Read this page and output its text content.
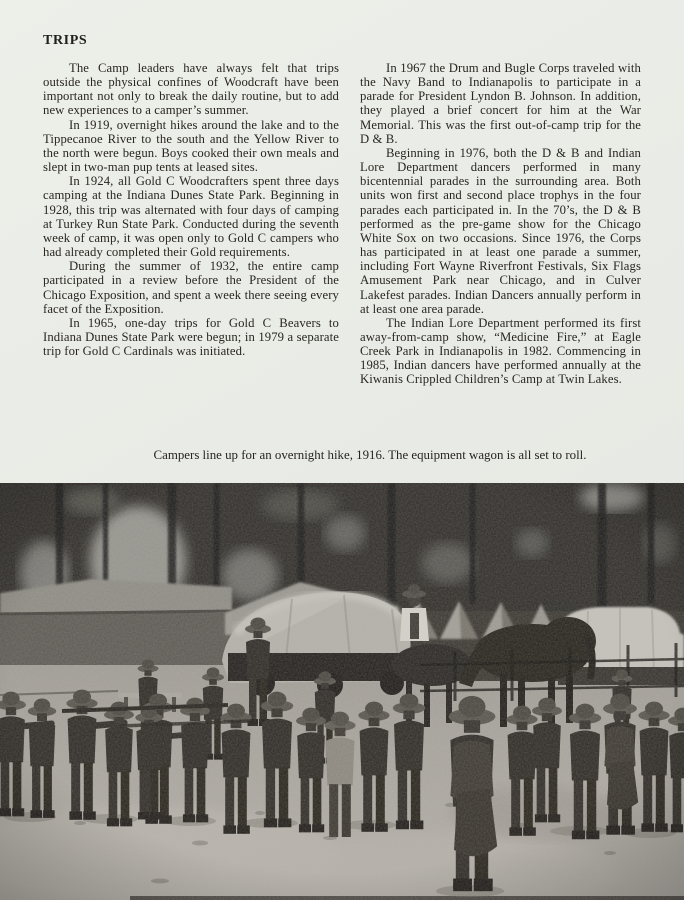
TRIPS

The Camp leaders have always felt that trips outside the physical confines of Woodcraft have been important not only to break the daily routine, but to add new experiences to a camper’s summer.

In 1919, overnight hikes around the lake and to the Tippecanoe River to the south and the Yellow River to the north were begun. Boys cooked their own meals and slept in two-man pup tents at leased sites.

In 1924, all Gold C Woodcrafters spent three days camping at the Indiana Dunes State Park. Beginning in 1928, this trip was alternated with four days of camping at Turkey Run State Park. Conducted during the seventh week of camp, it was open only to Gold C campers who had already completed their Gold requirements.

During the summer of 1932, the entire camp participated in a review before the President of the Chicago Exposition, and spent a week there seeing every facet of the Exposition.

In 1965, one-day trips for Gold C Beavers to Indiana Dunes State Park were begun; in 1979 a separate trip for Gold C Cardinals was initiated.

In 1967 the Drum and Bugle Corps traveled with the Navy Band to Indianapolis to participate in a parade for President Lyndon B. Johnson. In addition, they played a brief concert for him at the War Memorial. This was the first out-of-camp trip for the D & B.

Beginning in 1976, both the D & B and Indian Lore Department dancers performed in many bicentennial parades in the surrounding area. Both units won first and second place trophys in the four parades each participated in. In the 70’s, the D & B performed as the pre-game show for the Chicago White Sox on two occasions. Since 1976, the Corps has participated in at least one parade a summer, including Fort Wayne Riverfront Festivals, Six Flags Amusement Park near Chicago, and in Culver Lakefest parades. Indian Dancers annually perform in at least one area parade.

The Indian Lore Department performed its first away-from-camp show, “Medicine Fire,” at Eagle Creek Park in Indianapolis in 1982. Commencing in 1985, Indian dancers have performed annually at the Kiwanis Crippled Children’s Camp at Twin Lakes.

Campers line up for an overnight hike, 1916. The equipment wagon is all set to roll.
